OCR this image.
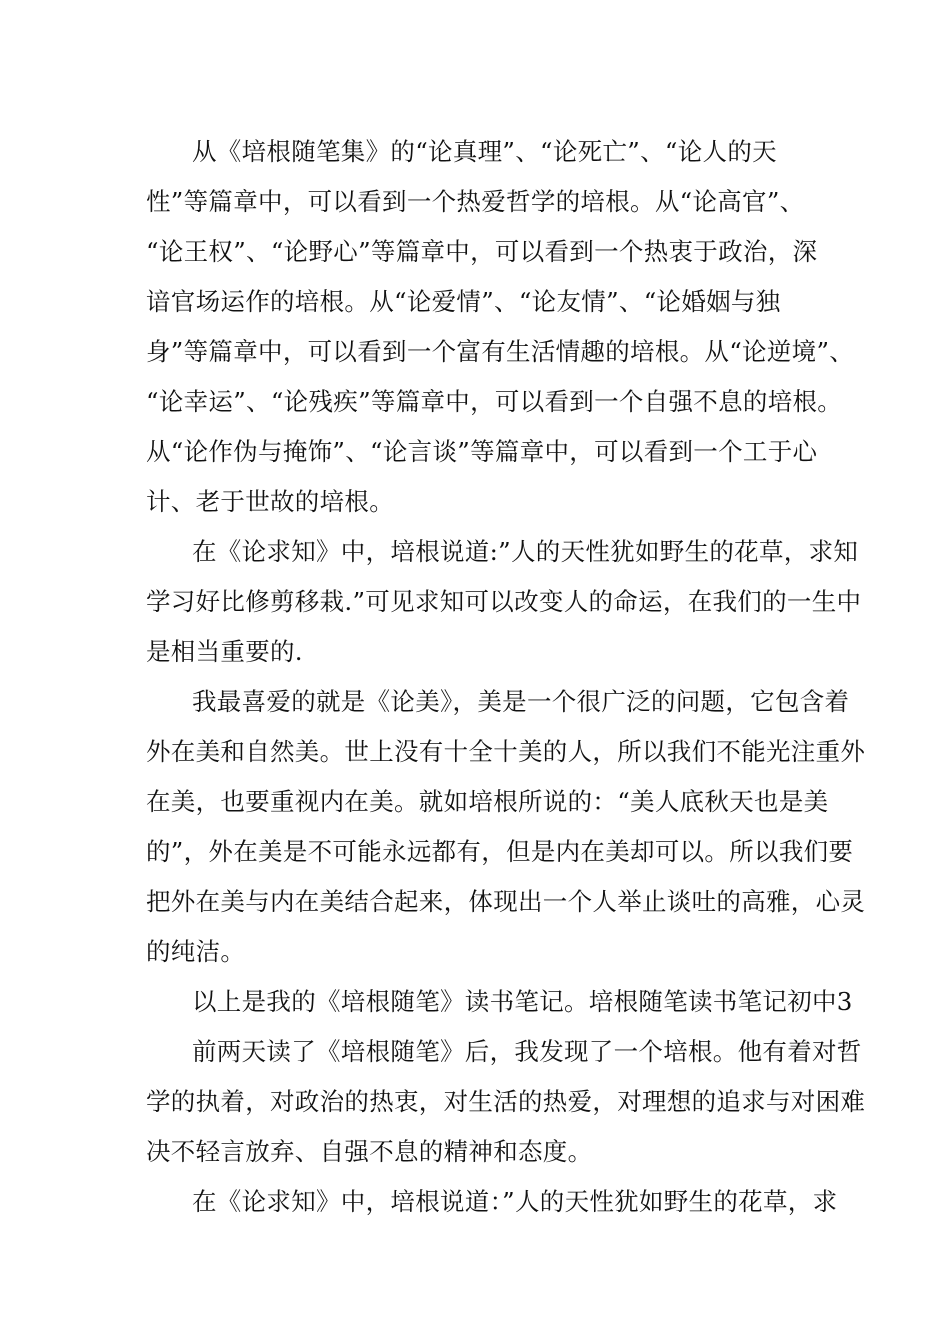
从《培根随笔集》的“论真理”、“论死亡”、“论人的天
性”等篇章中，可以看到一个热爱哲学的培根。从“论高官”、
“论王权”、“论野心”等篇章中，可以看到一个热衷于政治，深
谙官场运作的培根。从“论爱情”、“论友情”、“论婚姻与独
身”等篇章中，可以看到一个富有生活情趣的培根。从“论逆境”、
“论幸运”、“论残疾”等篇章中，可以看到一个自强不息的培根。
从“论作伪与掩饰”、“论言谈”等篇章中，可以看到一个工于心
计、老于世故的培根。
在《论求知》中，培根说道:”人的天性犹如野生的花草，求知
学习好比修剪移栽.”可见求知可以改变人的命运，在我们的一生中
是相当重要的.
我最喜爱的就是《论美》，美是一个很广泛的问题，它包含着
外在美和自然美。世上没有十全十美的人，所以我们不能光注重外
在美，也要重视内在美。就如培根所说的：“美人底秋天也是美
的”，外在美是不可能永远都有，但是内在美却可以。所以我们要
把外在美与内在美结合起来，体现出一个人举止谈吐的高雅，心灵
的纯洁。
以上是我的《培根随笔》读书笔记。培根随笔读书笔记初中3
前两天读了《培根随笔》后，我发现了一个培根。他有着对哲
学的执着，对政治的热衷，对生活的热爱，对理想的追求与对困难
决不轻言放弃、自强不息的精神和态度。
在《论求知》中，培根说道：”人的天性犹如野生的花草，求
